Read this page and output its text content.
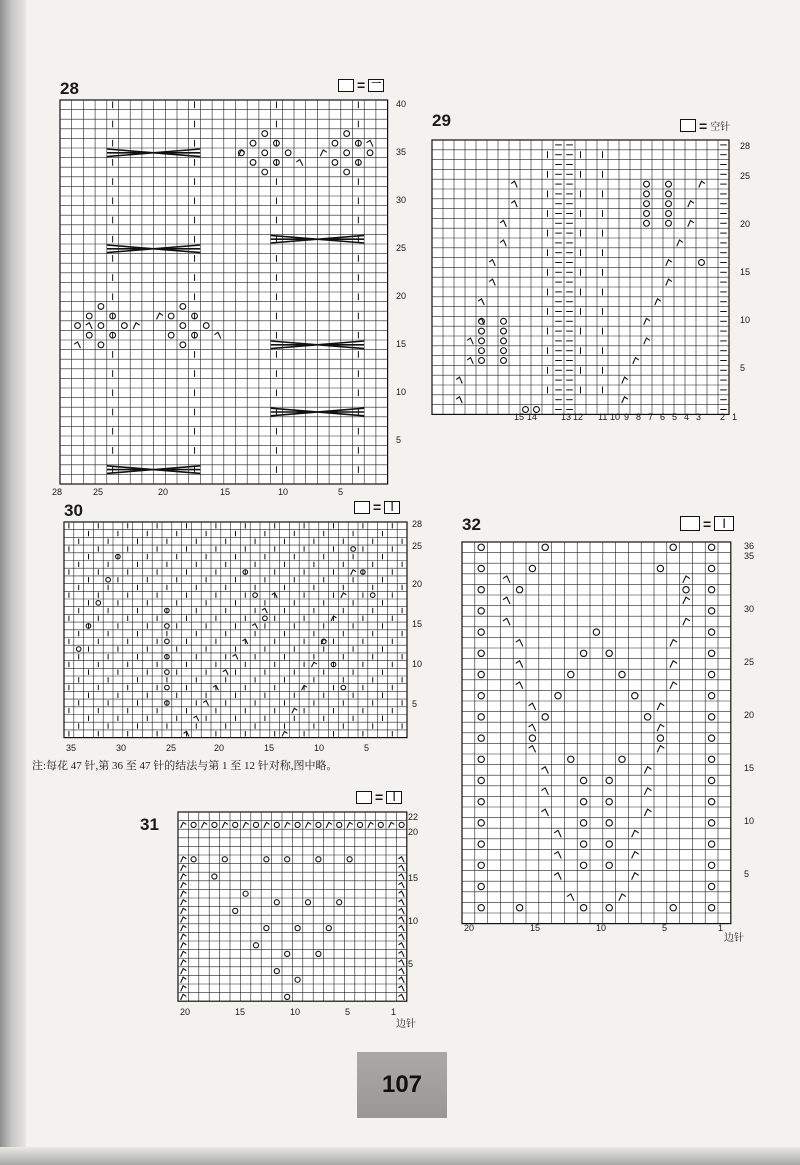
28	= 一
40
35
30
25
20
15
10
5
28	25	20	15	10	5
29	= 空针
28
25
20
15
10
5
15 14	13 12 11 10 9 8 7 6 5 4 3 2 1
30	= |
28
25
20
15
10
5
35	30	25	20	15	10	5
注:每花 47 针,第 36 至 47 针的结法与第 1 至 12 针对称,图中略。
31
= |
22
20
15
10
5
20	15	10	5	1
边针
32	=	|
36
35
30
25
20
15
10
5
20	15	10	5	1
边针
107
